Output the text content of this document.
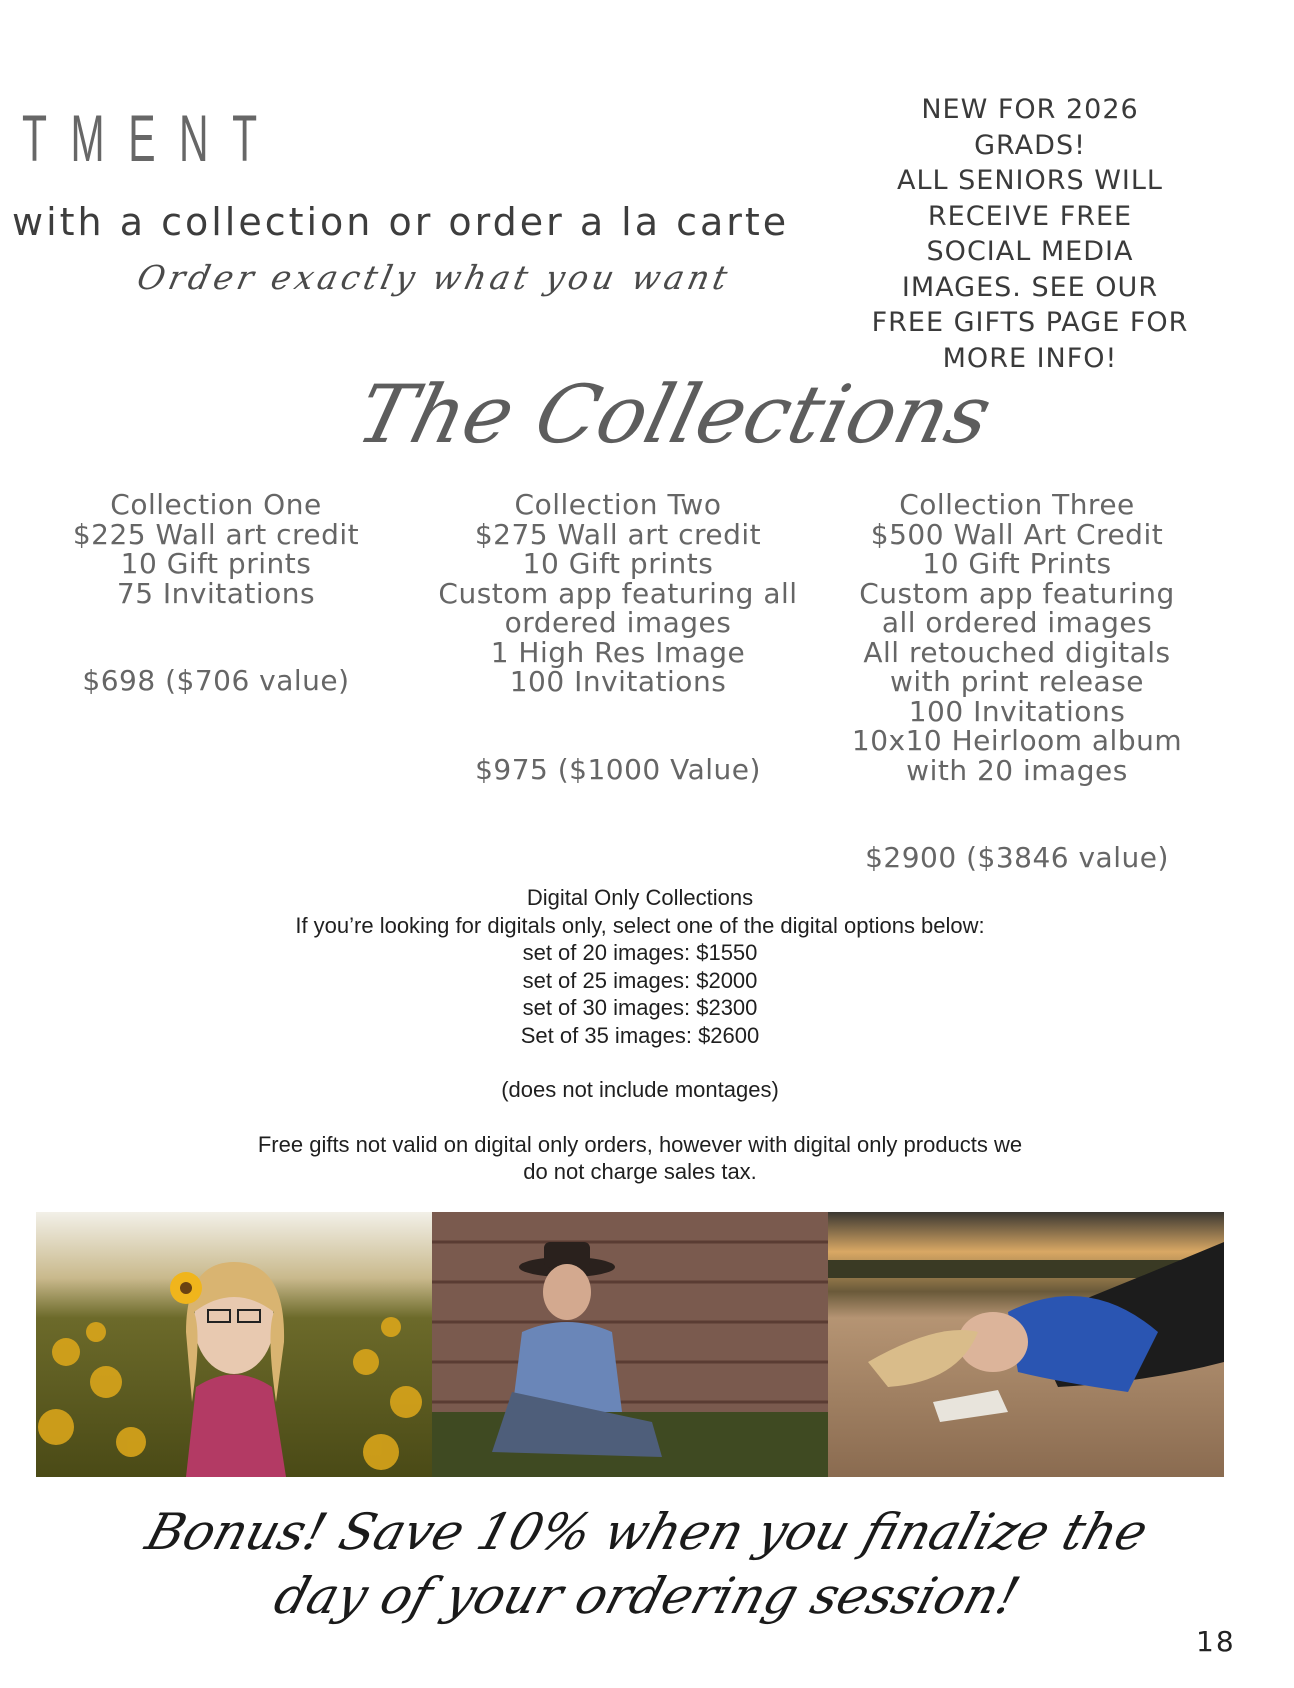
TMENT
with a collection or order a la carte
Order exactly what you want
NEW FOR 2026
GRADS!
ALL SENIORS WILL
RECEIVE FREE
SOCIAL MEDIA
IMAGES. SEE OUR
FREE GIFTS PAGE FOR
MORE INFO!
The Collections
Collection One
$225 Wall art credit
10 Gift prints
75 Invitations
$698 ($706 value)
Collection Two
$275 Wall art credit
10 Gift prints
Custom app featuring all
ordered images
1 High Res Image
100 Invitations
$975 ($1000 Value)
Collection Three
$500 Wall Art Credit
10 Gift Prints
Custom app featuring
all ordered images
All retouched digitals
with print release
100 Invitations
10x10 Heirloom album
with 20 images
$2900 ($3846 value)
Digital Only Collections
If you’re looking for digitals only, select one of the digital options below:
set of 20 images: $1550
set of 25 images: $2000
set of 30 images: $2300
Set of 35 images: $2600
(does not include montages)
Free gifts not valid on digital only orders, however with digital only products we
do not charge sales tax.
Bonus! Save 10% when you finalize the
day of your ordering session!
18
